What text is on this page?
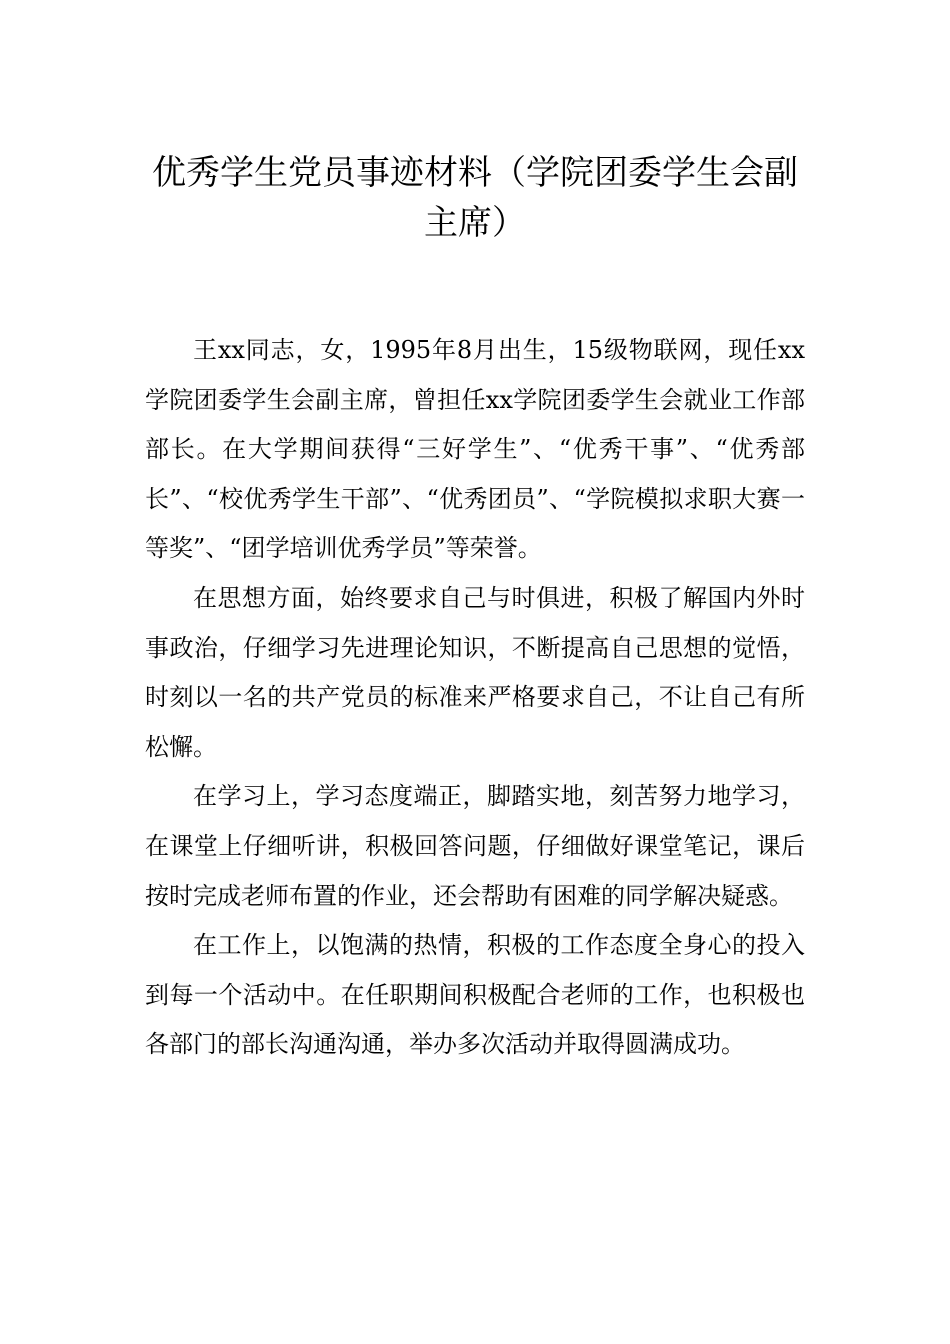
优秀学生党员事迹材料（学院团委学生会副主席）

王xx同志，女，1995年8月出生，15级物联网，现任xx学院团委学生会副主席，曾担任xx学院团委学生会就业工作部部长。在大学期间获得“三好学生”、“优秀干事”、“优秀部长”、“校优秀学生干部”、“优秀团员”、“学院模拟求职大赛一等奖”、“团学培训优秀学员”等荣誉。

在思想方面，始终要求自己与时俱进，积极了解国内外时事政治，仔细学习先进理论知识，不断提高自己思想的觉悟，时刻以一名的共产党员的标准来严格要求自己，不让自己有所松懈。

在学习上，学习态度端正，脚踏实地，刻苦努力地学习，在课堂上仔细听讲，积极回答问题，仔细做好课堂笔记，课后按时完成老师布置的作业，还会帮助有困难的同学解决疑惑。

在工作上，以饱满的热情，积极的工作态度全身心的投入到每一个活动中。在任职期间积极配合老师的工作，也积极也各部门的部长沟通沟通，举办多次活动并取得圆满成功。
